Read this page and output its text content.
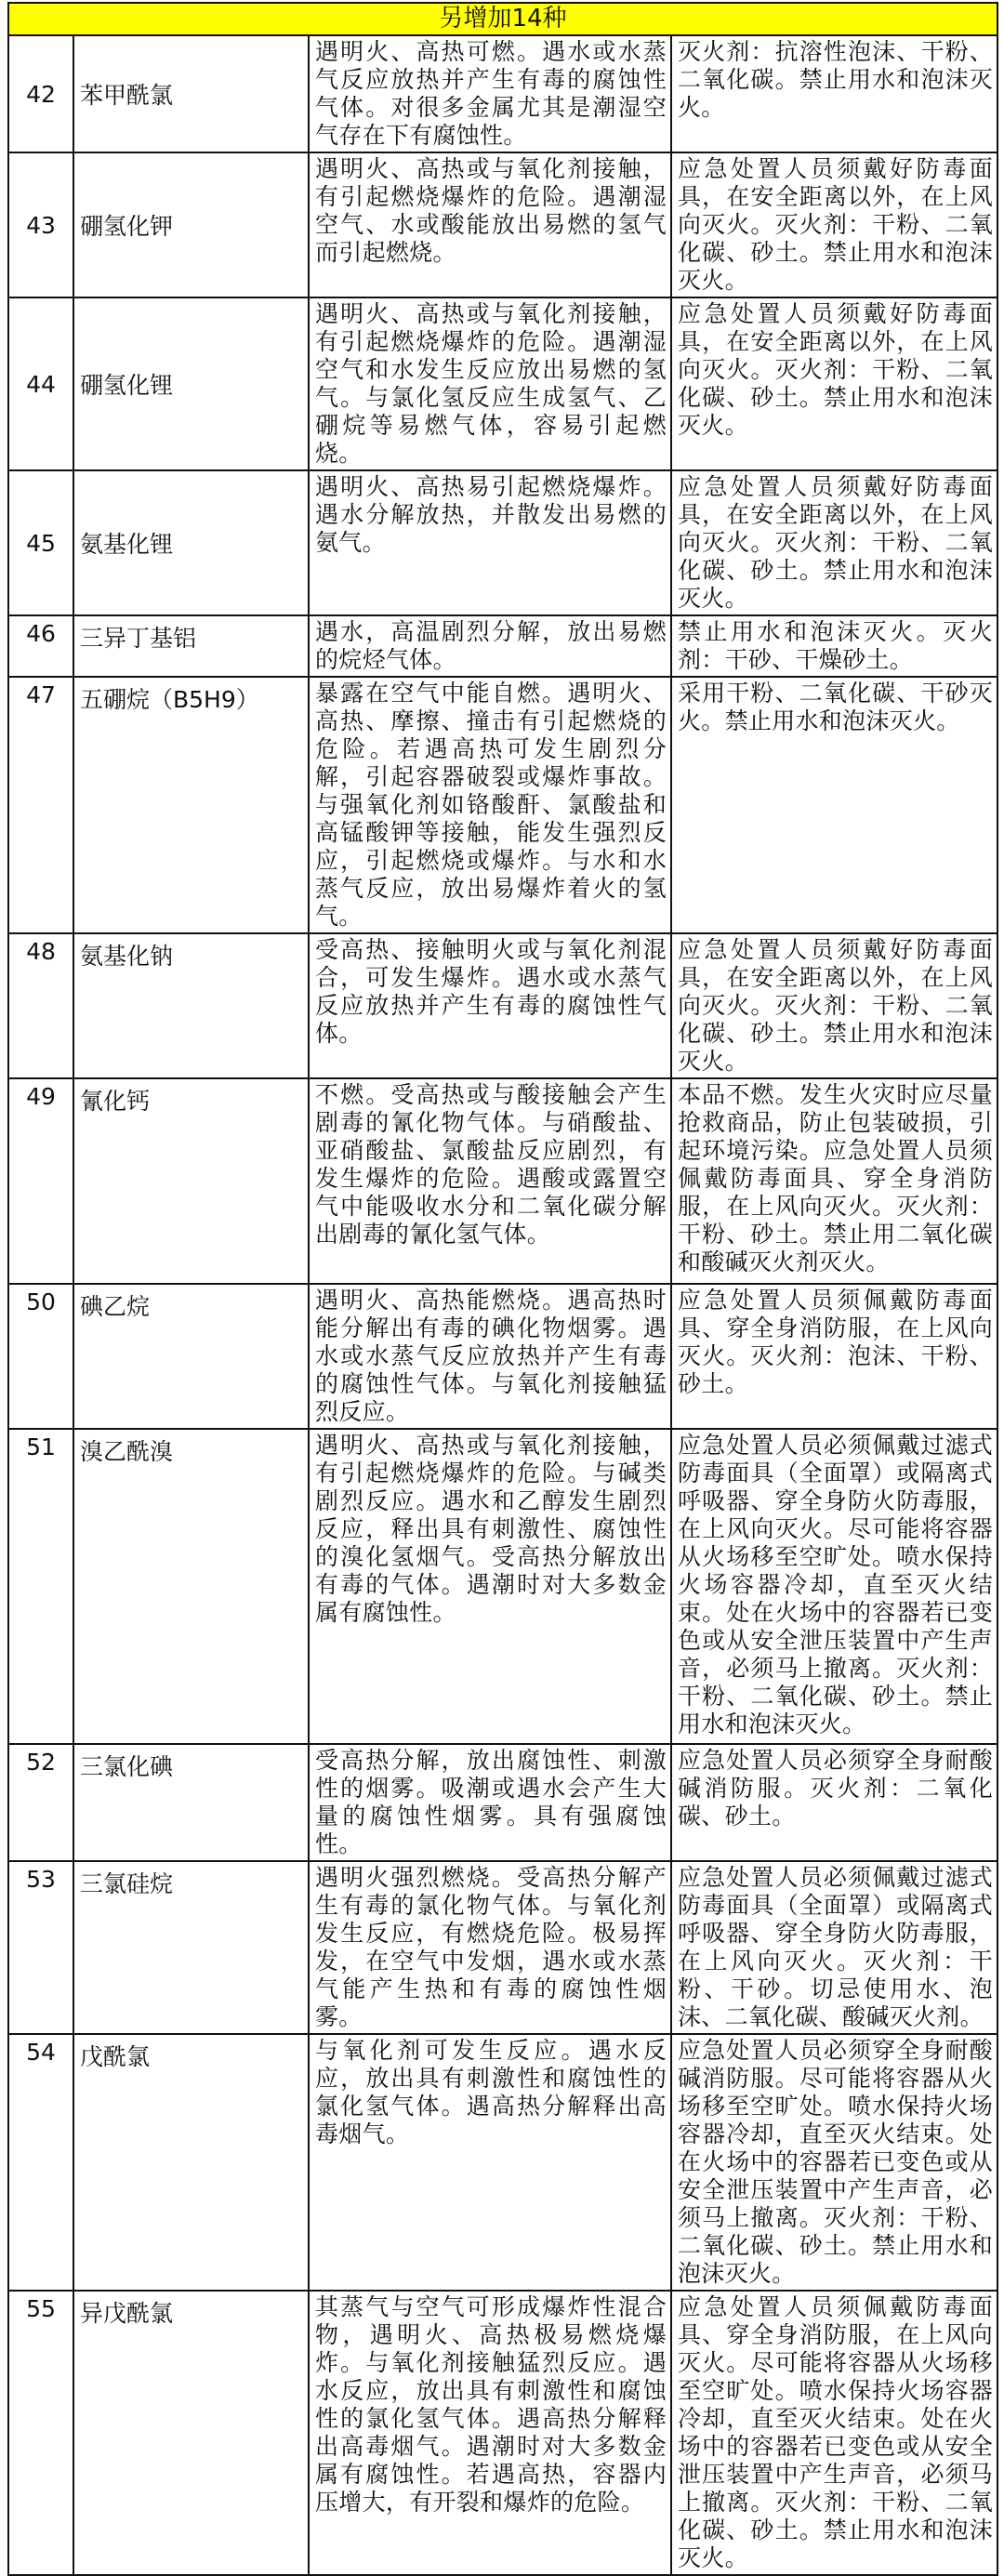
另增加14种			
42	苯甲酰氯	遇明火、高热可燃。遇水或水蒸气反应放热并产生有毒的腐蚀性气体。对很多金属尤其是潮湿空气存在下有腐蚀性。	灭火剂：抗溶性泡沫、干粉、二氧化碳。禁止用水和泡沫灭火。
43	硼氢化钾	遇明火、高热或与氧化剂接触，有引起燃烧爆炸的危险。遇潮湿空气、水或酸能放出易燃的氢气而引起燃烧。	应急处置人员须戴好防毒面具，在安全距离以外，在上风向灭火。灭火剂：干粉、二氧化碳、砂土。禁止用水和泡沫灭火。
44	硼氢化锂	遇明火、高热或与氧化剂接触，有引起燃烧爆炸的危险。遇潮湿空气和水发生反应放出易燃的氢气。与氯化氢反应生成氢气、乙硼烷等易燃气体，容易引起燃烧。	应急处置人员须戴好防毒面具，在安全距离以外，在上风向灭火。灭火剂：干粉、二氧化碳、砂土。禁止用水和泡沫灭火。
45	氨基化锂	遇明火、高热易引起燃烧爆炸。遇水分解放热，并散发出易燃的氨气。	应急处置人员须戴好防毒面具，在安全距离以外，在上风向灭火。灭火剂：干粉、二氧化碳、砂土。禁止用水和泡沫灭火。
46	三异丁基铝	遇水，高温剧烈分解，放出易燃的烷烃气体。	禁止用水和泡沫灭火。灭火剂：干砂、干燥砂土。
47	五硼烷（B5H9）	暴露在空气中能自燃。遇明火、高热、摩擦、撞击有引起燃烧的危险。若遇高热可发生剧烈分解，引起容器破裂或爆炸事故。与强氧化剂如铬酸酐、氯酸盐和高锰酸钾等接触，能发生强烈反应，引起燃烧或爆炸。与水和水蒸气反应，放出易爆炸着火的氢气。	采用干粉、二氧化碳、干砂灭火。禁止用水和泡沫灭火。
48	氨基化钠	受高热、接触明火或与氧化剂混合，可发生爆炸。遇水或水蒸气反应放热并产生有毒的腐蚀性气体。	应急处置人员须戴好防毒面具，在安全距离以外，在上风向灭火。灭火剂：干粉、二氧化碳、砂土。禁止用水和泡沫灭火。
49	氰化钙	不燃。受高热或与酸接触会产生剧毒的氰化物气体。与硝酸盐、亚硝酸盐、氯酸盐反应剧烈，有发生爆炸的危险。遇酸或露置空气中能吸收水分和二氧化碳分解出剧毒的氰化氢气体。	本品不燃。发生火灾时应尽量抢救商品，防止包装破损，引起环境污染。应急处置人员须佩戴防毒面具、穿全身消防服，在上风向灭火。灭火剂：干粉、砂土。禁止用二氧化碳和酸碱灭火剂灭火。
50	碘乙烷	遇明火、高热能燃烧。遇高热时能分解出有毒的碘化物烟雾。遇水或水蒸气反应放热并产生有毒的腐蚀性气体。与氧化剂接触猛烈反应。	应急处置人员须佩戴防毒面具、穿全身消防服，在上风向灭火。灭火剂：泡沫、干粉、砂土。
51	溴乙酰溴	遇明火、高热或与氧化剂接触，有引起燃烧爆炸的危险。与碱类剧烈反应。遇水和乙醇发生剧烈反应，释出具有刺激性、腐蚀性的溴化氢烟气。受高热分解放出有毒的气体。遇潮时对大多数金属有腐蚀性。	应急处置人员必须佩戴过滤式防毒面具（全面罩）或隔离式呼吸器、穿全身防火防毒服，在上风向灭火。尽可能将容器从火场移至空旷处。喷水保持火场容器冷却，直至灭火结束。处在火场中的容器若已变色或从安全泄压装置中产生声音，必须马上撤离。灭火剂：干粉、二氧化碳、砂土。禁止用水和泡沫灭火。
52	三氯化碘	受高热分解，放出腐蚀性、刺激性的烟雾。吸潮或遇水会产生大量的腐蚀性烟雾。具有强腐蚀性。	应急处置人员必须穿全身耐酸碱消防服。灭火剂：二氧化碳、砂土。
53	三氯硅烷	遇明火强烈燃烧。受高热分解产生有毒的氯化物气体。与氧化剂发生反应，有燃烧危险。极易挥发，在空气中发烟，遇水或水蒸气能产生热和有毒的腐蚀性烟雾。	应急处置人员必须佩戴过滤式防毒面具（全面罩）或隔离式呼吸器、穿全身防火防毒服，在上风向灭火。灭火剂：干粉、干砂。切忌使用水、泡沫、二氧化碳、酸碱灭火剂。
54	戊酰氯	与氧化剂可发生反应。遇水反应，放出具有刺激性和腐蚀性的氯化氢气体。遇高热分解释出高毒烟气。	应急处置人员必须穿全身耐酸碱消防服。尽可能将容器从火场移至空旷处。喷水保持火场容器冷却，直至灭火结束。处在火场中的容器若已变色或从安全泄压装置中产生声音，必须马上撤离。灭火剂：干粉、二氧化碳、砂土。禁止用水和泡沫灭火。
55	异戊酰氯	其蒸气与空气可形成爆炸性混合物，遇明火、高热极易燃烧爆炸。与氧化剂接触猛烈反应。遇水反应，放出具有刺激性和腐蚀性的氯化氢气体。遇高热分解释出高毒烟气。遇潮时对大多数金属有腐蚀性。若遇高热，容器内压增大，有开裂和爆炸的危险。	应急处置人员须佩戴防毒面具、穿全身消防服，在上风向灭火。尽可能将容器从火场移至空旷处。喷水保持火场容器冷却，直至灭火结束。处在火场中的容器若已变色或从安全泄压装置中产生声音，必须马上撤离。灭火剂：干粉、二氧化碳、砂土。禁止用水和泡沫灭火。
